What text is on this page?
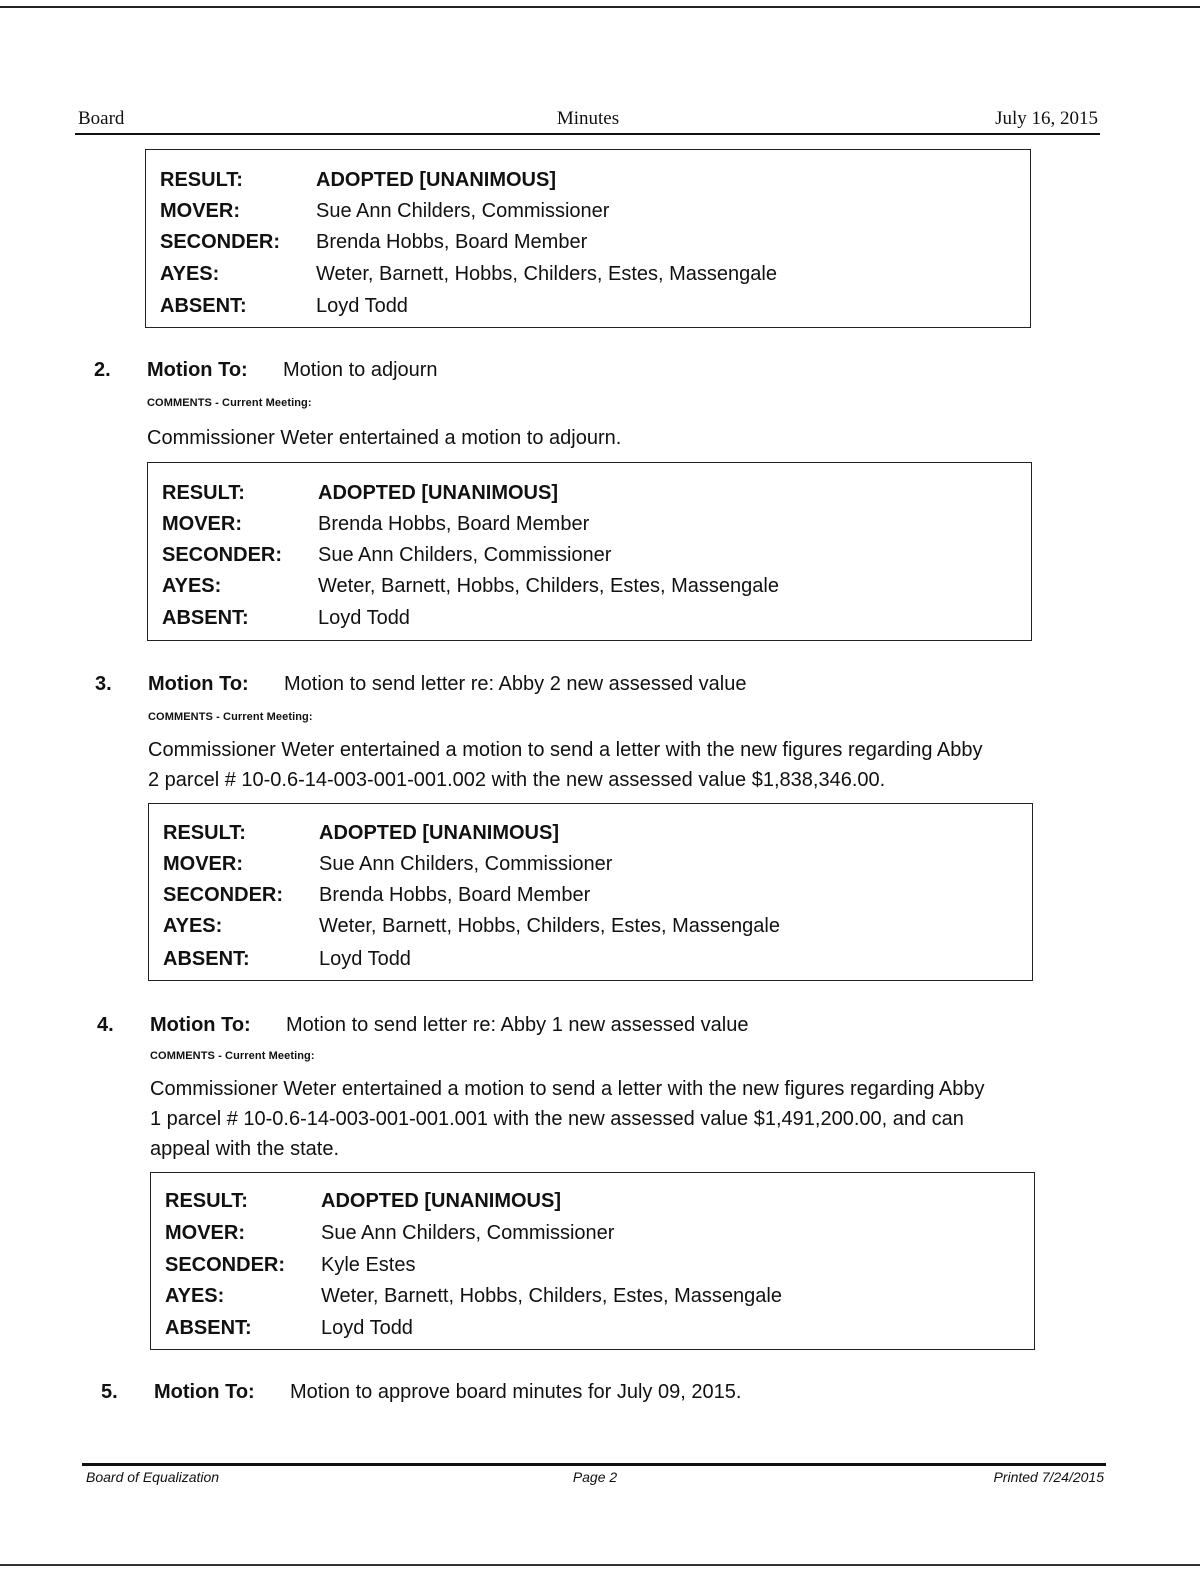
Board	Minutes	July 16, 2015
RESULT:	ADOPTED [UNANIMOUS]
MOVER:	Sue Ann Childers, Commissioner
SECONDER: Brenda Hobbs, Board Member
AYES:	Weter, Barnett, Hobbs, Childers, Estes, Massengale
ABSENT:	Loyd Todd
2. Motion To: Motion to adjourn
COMMENTS - Current Meeting:
Commissioner Weter entertained a motion to adjourn.
RESULT:	ADOPTED [UNANIMOUS]
MOVER:	Brenda Hobbs, Board Member
SECONDER: Sue Ann Childers, Commissioner
AYES:	Weter, Barnett, Hobbs, Childers, Estes, Massengale
ABSENT:	Loyd Todd
3. Motion To: Motion to send letter re: Abby 2 new assessed value
COMMENTS - Current Meeting:
Commissioner Weter entertained a motion to send a letter with the new figures regarding Abby
2 parcel # 10-0.6-14-003-001-001.002 with the new assessed value $1,838,346.00.
RESULT:	ADOPTED [UNANIMOUS]
MOVER:	Sue Ann Childers, Commissioner
SECONDER: Brenda Hobbs, Board Member
AYES:	Weter, Barnett, Hobbs, Childers, Estes, Massengale
ABSENT:	Loyd Todd
4. Motion To: Motion to send letter re: Abby 1 new assessed value
COMMENTS - Current Meeting:
Commissioner Weter entertained a motion to send a letter with the new figures regarding Abby
1 parcel # 10-0.6-14-003-001-001.001 with the new assessed value $1,491,200.00, and can
appeal with the state.
RESULT:	ADOPTED [UNANIMOUS]
MOVER:	Sue Ann Childers, Commissioner
SECONDER: Kyle Estes
AYES:	Weter, Barnett, Hobbs, Childers, Estes, Massengale
ABSENT:	Loyd Todd
5. Motion To: Motion to approve board minutes for July 09, 2015.
Board of Equalization	Page 2	Printed 7/24/2015
